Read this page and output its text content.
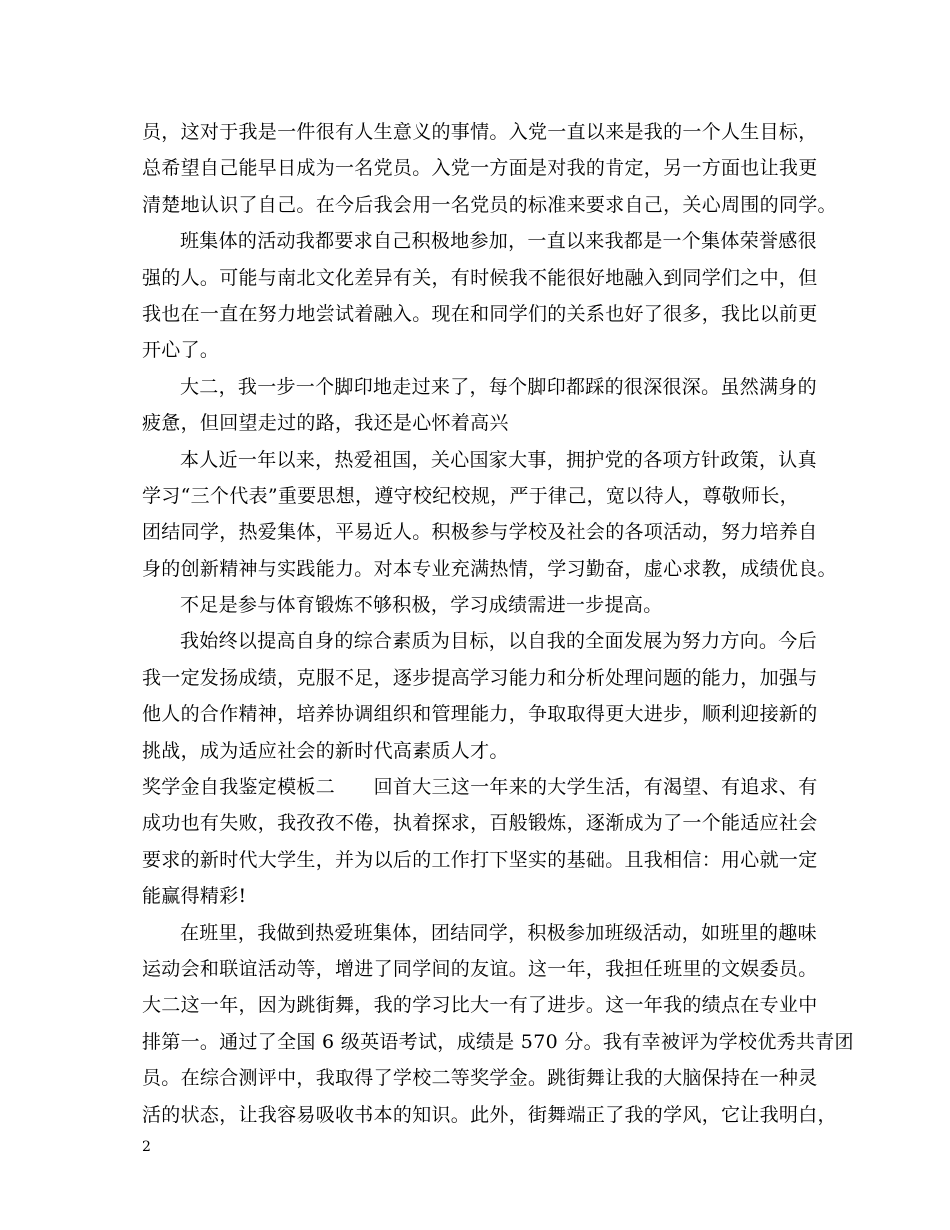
员，这对于我是一件很有人生意义的事情。入党一直以来是我的一个人生目标，
总希望自己能早日成为一名党员。入党一方面是对我的肯定，另一方面也让我更
清楚地认识了自己。在今后我会用一名党员的标准来要求自己，关心周围的同学。
班集体的活动我都要求自己积极地参加，一直以来我都是一个集体荣誉感很
强的人。可能与南北文化差异有关，有时候我不能很好地融入到同学们之中，但
我也在一直在努力地尝试着融入。现在和同学们的关系也好了很多，我比以前更
开心了。
大二，我一步一个脚印地走过来了，每个脚印都踩的很深很深。虽然满身的
疲惫，但回望走过的路，我还是心怀着高兴
本人近一年以来，热爱祖国，关心国家大事，拥护党的各项方针政策，认真
学习“三个代表”重要思想，遵守校纪校规，严于律己，宽以待人，尊敬师长，
团结同学，热爱集体，平易近人。积极参与学校及社会的各项活动，努力培养自
身的创新精神与实践能力。对本专业充满热情，学习勤奋，虚心求教，成绩优良。
不足是参与体育锻炼不够积极，学习成绩需进一步提高。
我始终以提高自身的综合素质为目标，以自我的全面发展为努力方向。今后
我一定发扬成绩，克服不足，逐步提高学习能力和分析处理问题的能力，加强与
他人的合作精神，培养协调组织和管理能力，争取取得更大进步，顺利迎接新的
挑战，成为适应社会的新时代高素质人才。
奖学金自我鉴定模板二　　回首大三这一年来的大学生活，有渴望、有追求、有
成功也有失败，我孜孜不倦，执着探求，百般锻炼，逐渐成为了一个能适应社会
要求的新时代大学生，并为以后的工作打下坚实的基础。且我相信：用心就一定
能赢得精彩!
在班里，我做到热爱班集体，团结同学，积极参加班级活动，如班里的趣味
运动会和联谊活动等，增进了同学间的友谊。这一年，我担任班里的文娱委员。
大二这一年，因为跳街舞，我的学习比大一有了进步。这一年我的绩点在专业中
排第一。通过了全国 6 级英语考试，成绩是 570 分。我有幸被评为学校优秀共青团
员。在综合测评中，我取得了学校二等奖学金。跳街舞让我的大脑保持在一种灵
活的状态，让我容易吸收书本的知识。此外，街舞端正了我的学风，它让我明白，
2
